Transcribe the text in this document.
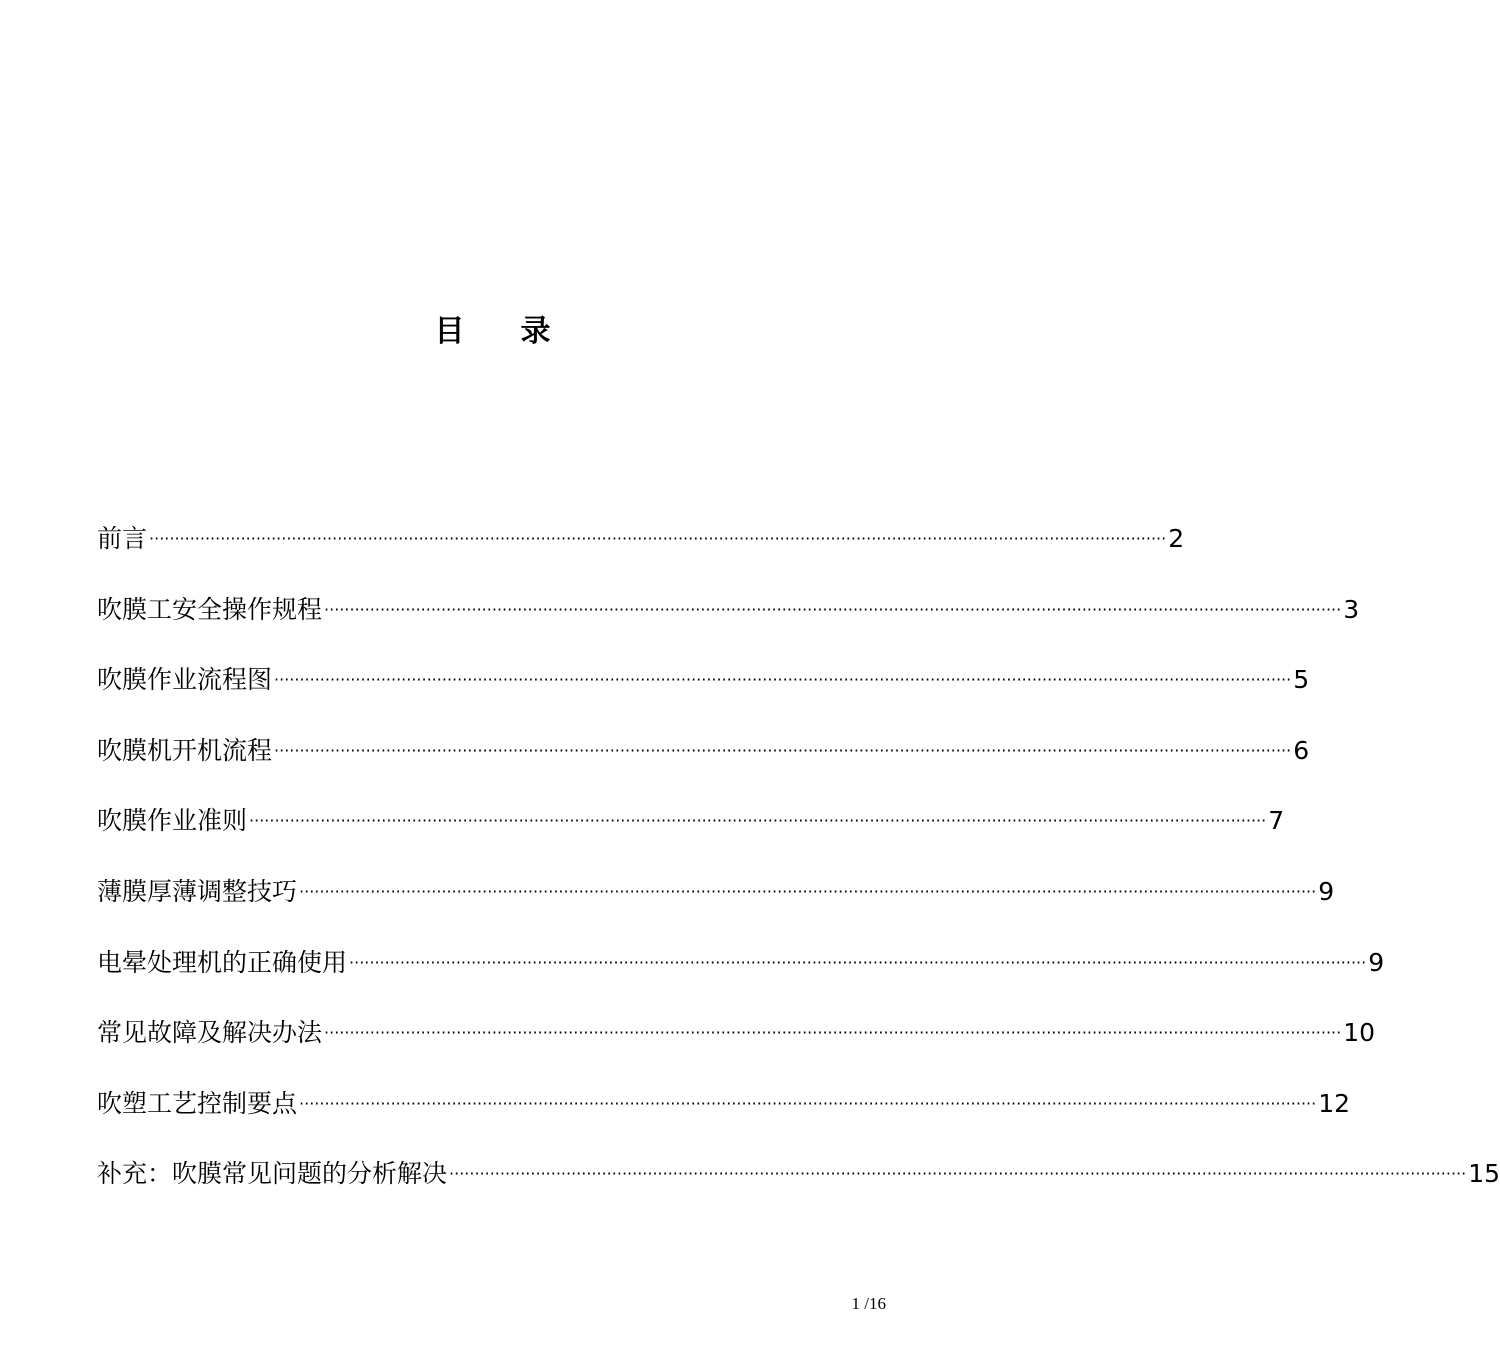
目 录
前言 ········································································································································································································ 2
吹膜工安全操作规程 ········································································································································································································ 3
吹膜作业流程图 ········································································································································································································ 5
吹膜机开机流程 ········································································································································································································ 6
吹膜作业准则 ········································································································································································································ 7
薄膜厚薄调整技巧 ········································································································································································································ 9
电晕处理机的正确使用 ········································································································································································································ 9
常见故障及解决办法 ········································································································································································································ 10
吹塑工艺控制要点 ········································································································································································································ 12
补充：吹膜常见问题的分析解决 ········································································································································································································ 15
1 /16
